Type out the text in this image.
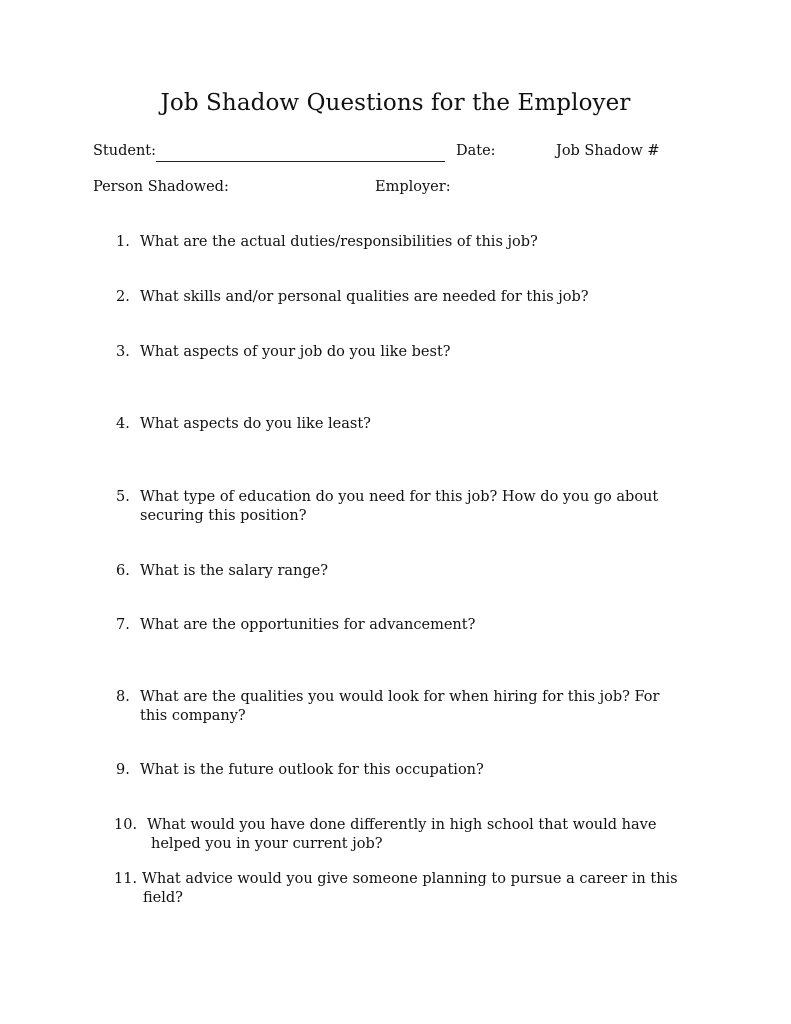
Job Shadow Questions for the Employer
Student:	Date:	Job Shadow #
Person Shadowed:	Employer:
1. What are the actual duties/responsibilities of this job?
2. What skills and/or personal qualities are needed for this job?
3. What aspects of your job do you like best?
4. What aspects do you like least?
5. What type of education do you need for this job? How do you go about
securing this position?
6. What is the salary range?
7. What are the opportunities for advancement?
8. What are the qualities you would look for when hiring for this job? For
this company?
9. What is the future outlook for this occupation?
10. What would you have done differently in high school that would have
helped you in your current job?
11. What advice would you give someone planning to pursue a career in this
field?
